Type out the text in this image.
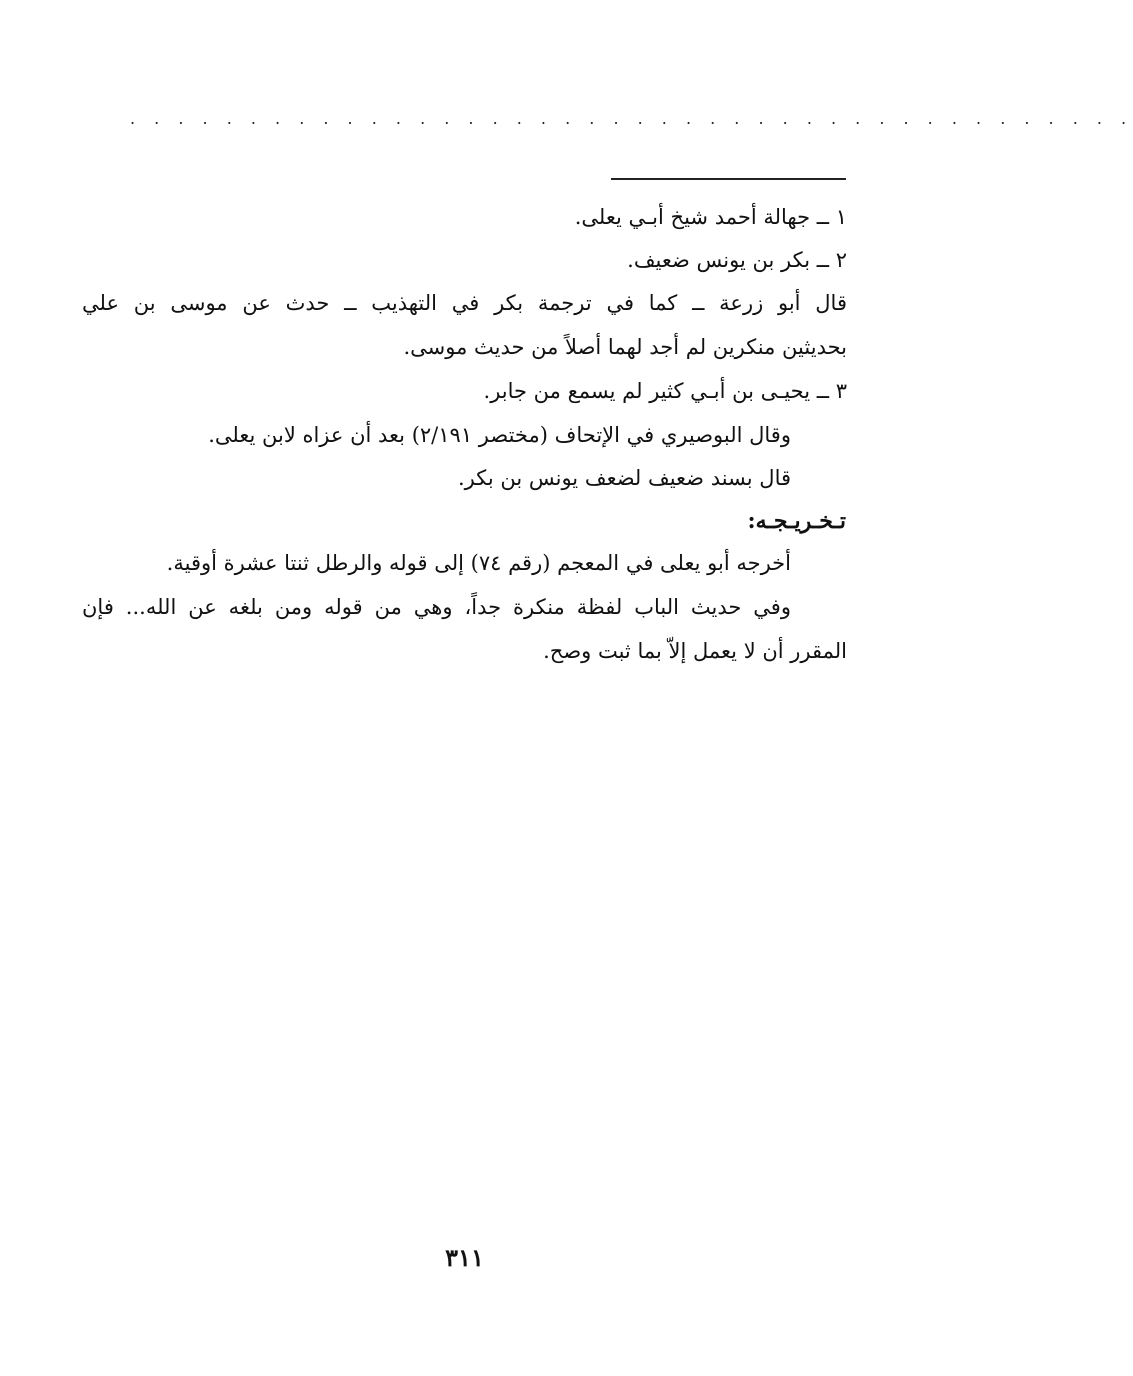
. . . . . . . . . . . . . . . . . . . . . . . . . . . . . . . . . . . . . . . . . .
١ ــ جهالة أحمد شيخ أبـي يعلى.
٢ ــ بكر بن يونس ضعيف.
قال أبو زرعة ــ كما في ترجمة بكر في التهذيب ــ حدث عن موسى بن علي
بحديثين منكرين لم أجد لهما أصلاً من حديث موسى.
٣ ــ يحيـى بن أبـي كثير لم يسمع من جابر.
وقال البوصيري في الإتحاف (مختصر ٢/١٩١) بعد أن عزاه لابن يعلى.
قال بسند ضعيف لضعف يونس بن بكر.
تـخـريـجـه:
أخرجه أبو يعلى في المعجم (رقم ٧٤) إلى قوله والرطل ثنتا عشرة أوقية.
وفي حديث الباب لفظة منكرة جداً، وهي من قوله ومن بلغه عن الله... فإن
المقرر أن لا يعمل إلاّ بما ثبت وصح.
٣١١
